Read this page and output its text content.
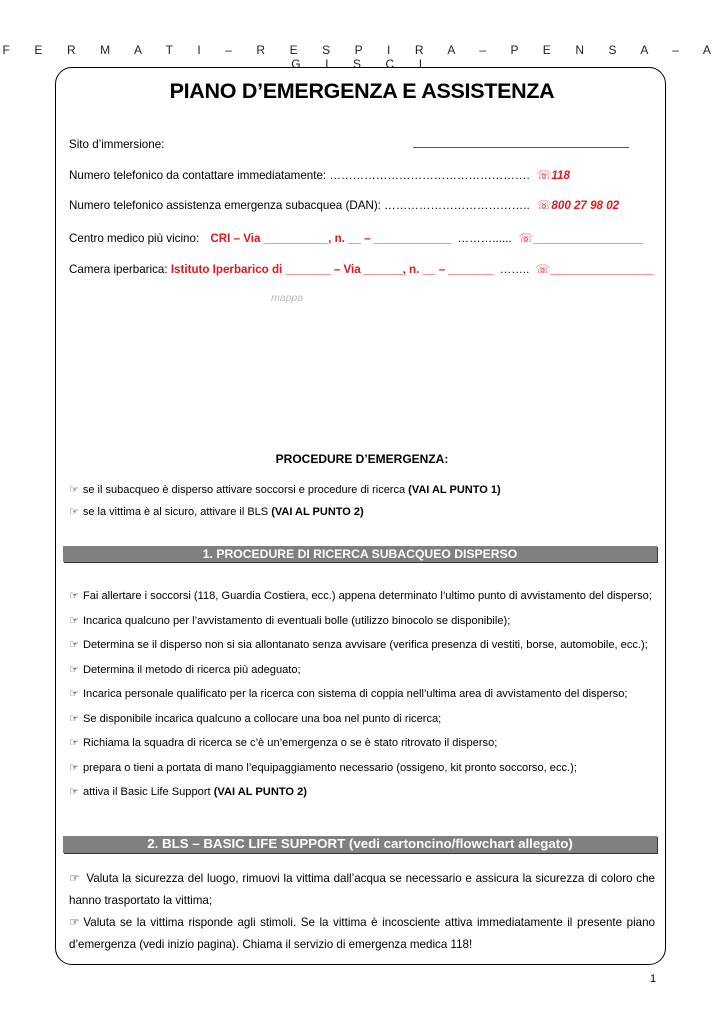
F E R M A T I – R E S P I R A – P E N S A – A G I S C I
PIANO D’EMERGENZA E ASSISTENZA
Sito d’immersione:
Numero telefonico da contattare immediatamente: ……………………………………………. ☏118
Numero telefonico assistenza emergenza subacquea (DAN): ……………………………….. ☏800 27 98 02
Centro medico più vicino: CRI – Via __________, n. __ – ____________ ………...... ☏_________________
Camera iperbarica: Istituto Iperbarico di _______ – Via ______, n. __ – _______ …….. ☏________________
mappa
PROCEDURE D’EMERGENZA:
☞ se il subacqueo è disperso attivare soccorsi e procedure di ricerca (VAI AL PUNTO 1)
☞ se la vittima è al sicuro, attivare il BLS (VAI AL PUNTO 2)
1. PROCEDURE DI RICERCA SUBACQUEO DISPERSO
☞ Fai allertare i soccorsi (118, Guardia Costiera, ecc.) appena determinato l’ultimo punto di avvistamento del disperso;
☞ Incarica qualcuno per l’avvistamento di eventuali bolle (utilizzo binocolo se disponibile);
☞ Determina se il disperso non si sia allontanato senza avvisare (verifica presenza di vestiti, borse, automobile, ecc.);
☞ Determina il metodo di ricerca più adeguato;
☞ Incarica personale qualificato per la ricerca con sistema di coppia nell’ultima area di avvistamento del disperso;
☞ Se disponibile incarica qualcuno a collocare una boa nel punto di ricerca;
☞ Richiama la squadra di ricerca se c’è un’emergenza o se è stato ritrovato il disperso;
☞ prepara o tieni a portata di mano l’equipaggiamento necessario (ossigeno, kit pronto soccorso, ecc.);
☞ attiva il Basic Life Support (VAI AL PUNTO 2)
2. BLS – BASIC LIFE SUPPORT (vedi cartoncino/flowchart allegato)
☞ Valuta la sicurezza del luogo, rimuovi la vittima dall’acqua se necessario e assicura la sicurezza di coloro che hanno trasportato la vittima;
☞ Valuta se la vittima risponde agli stimoli. Se la vittima è incosciente attiva immediatamente il presente piano d’emergenza (vedi inizio pagina). Chiama il servizio di emergenza medica 118!
1
